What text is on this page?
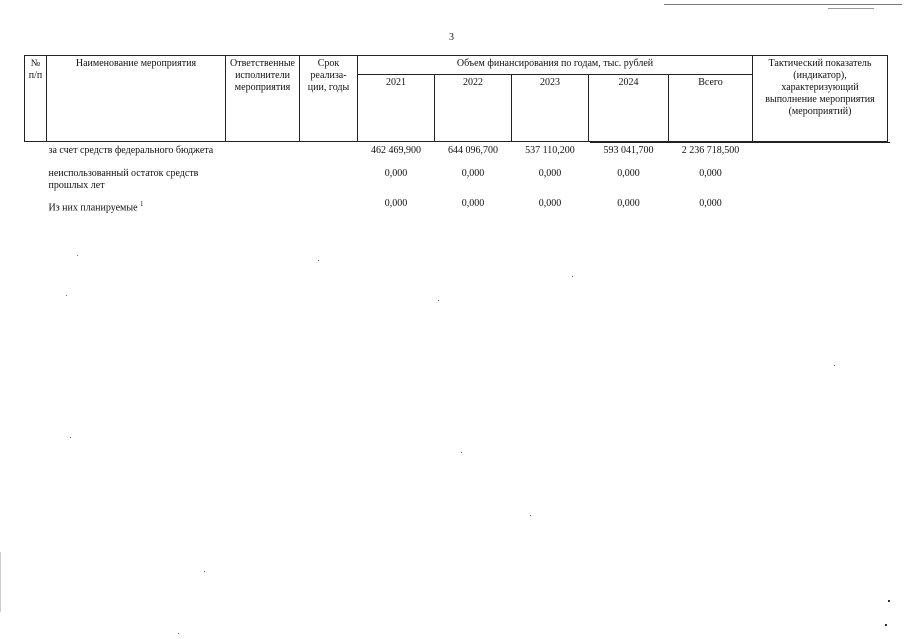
3
№ п/п	Наименование мероприятия	Ответственные исполнители мероприятия	Срок реализа-ции, годы	Объем финансирования по годам, тыс. рублей					Тактический показатель (индикатор), характеризующий выполнение мероприятия (мероприятий)
				2021	2022	2023	2024	Всего	
за счет средств федерального бюджета				462 469,900	644 096,700	537 110,200	593 041,700	2 236 718,500	

неиспользованный остаток средств прошлых лет				0,000	0,000	0,000	0,000	0,000	
Из них планируемые $^1$				0,000	0,000	0,000	0,000	0,000	
